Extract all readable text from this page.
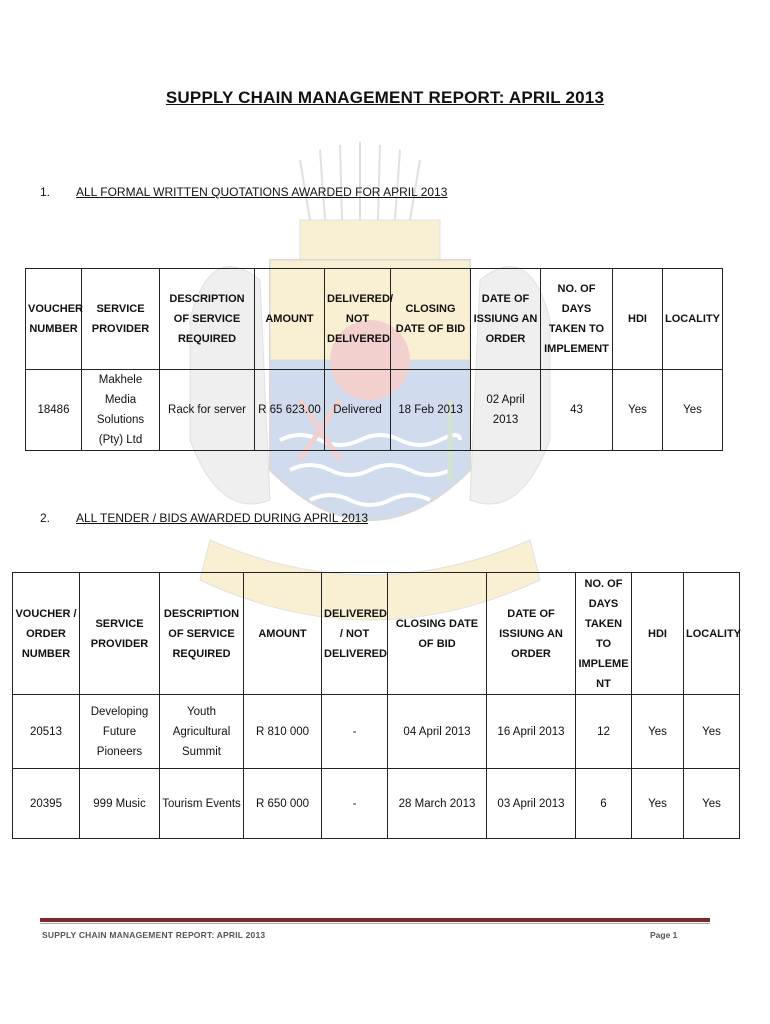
SUPPLY CHAIN MANAGEMENT REPORT: APRIL 2013
1. ALL FORMAL WRITTEN QUOTATIONS AWARDED FOR APRIL 2013
VOUCHER NUMBER	SERVICE PROVIDER	DESCRIPTION OF SERVICE REQUIRED	AMOUNT	DELIVERED/ NOT DELIVERED	CLOSING DATE OF BID	DATE OF ISSIUNG AN ORDER	NO. OF DAYS TAKEN TO IMPLEMENT	HDI	LOCALITY
18486	Makhele Media Solutions (Pty) Ltd	Rack for server	R 65 623.00	Delivered	18 Feb 2013	02 April 2013	43	Yes	Yes
2. ALL TENDER / BIDS AWARDED DURING APRIL 2013
VOUCHER / ORDER NUMBER	SERVICE PROVIDER	DESCRIPTION OF SERVICE REQUIRED	AMOUNT	DELIVERED / NOT DELIVERED	CLOSING DATE OF BID	DATE OF ISSIUNG AN ORDER	NO. OF DAYS TAKEN TO IMPLEME NT	HDI	LOCALITY
20513	Developing Future Pioneers	Youth Agricultural Summit	R 810 000	-	04 April 2013	16 April 2013	12	Yes	Yes
20395	999 Music	Tourism Events	R 650 000	-	28 March 2013	03 April 2013	6	Yes	Yes
SUPPLY CHAIN MANAGEMENT REPORT: APRIL 2013	Page 1
